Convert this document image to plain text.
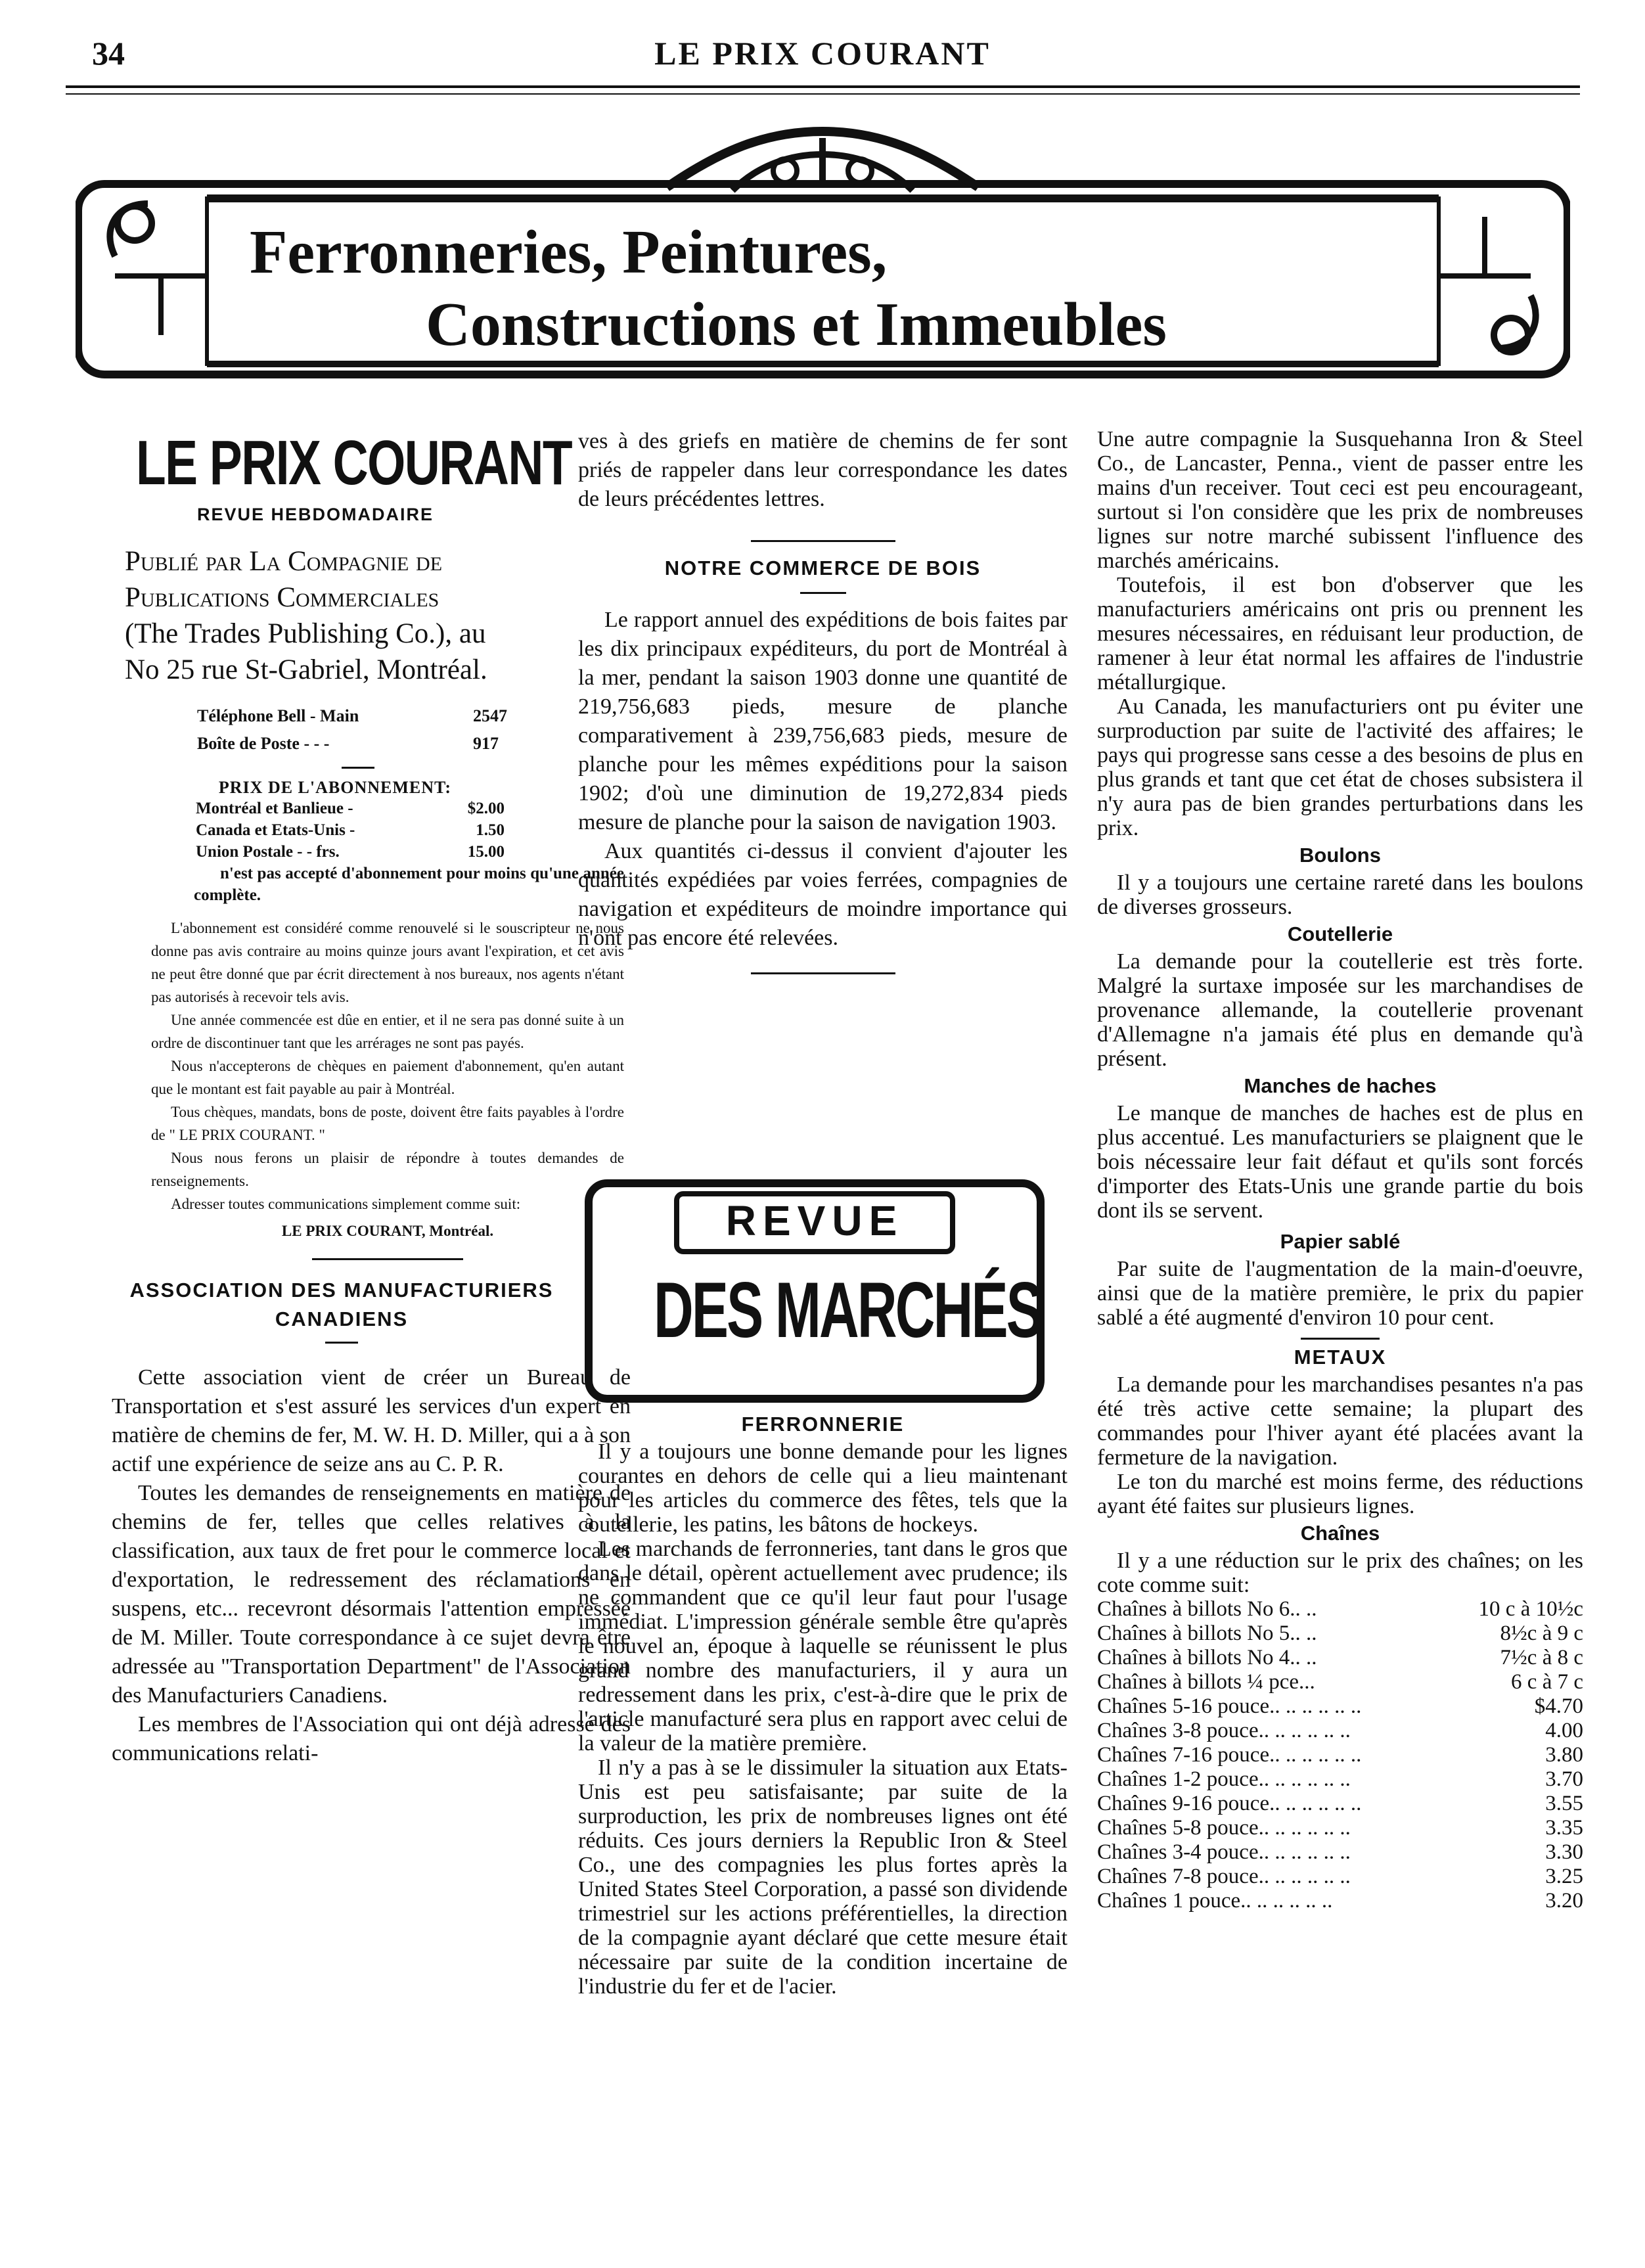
34	LE PRIX COURANT
Ferronneries, Peintures,
Constructions et Immeubles
LE PRIX COURANT
REVUE HEBDOMADAIRE
Publié par La Compagnie de
Publications Commerciales
(The Trades Publishing Co.), au
No 25 rue St-Gabriel, Montréal.
Téléphone Bell - Main	2547
Boîte de Poste - - -	917
PRIX DE L'ABONNEMENT:
Montréal et Banlieue -	$2.00
Canada et Etats-Unis -	1.50
Union Postale - - frs.	15.00
n'est pas accepté d'abonnement pour moins qu'une année complète.

L'abonnement est considéré comme renouvelé si le souscripteur ne nous donne pas avis contraire au moins quinze jours avant l'expiration, et cet avis ne peut être donné que par écrit directement à nos bureaux, nos agents n'étant pas autorisés à recevoir tels avis.

Une année commencée est dûe en entier, et il ne sera pas donné suite à un ordre de discontinuer tant que les arrérages ne sont pas payés.

Nous n'accepterons de chèques en paiement d'abonnement, qu'en autant que le montant est fait payable au pair à Montréal.

Tous chèques, mandats, bons de poste, doivent être faits payables à l'ordre de " LE PRIX COURANT. "

Nous nous ferons un plaisir de répondre à toutes demandes de renseignements.

Adresser toutes communications simplement comme suit:

LE PRIX COURANT, Montréal.

ASSOCIATION DES MANUFACTURIERS CANADIENS

Cette association vient de créer un Bureau de Transportation et s'est assuré les services d'un expert en matière de chemins de fer, M. W. H. D. Miller, qui a à son actif une expérience de seize ans au C. P. R.

Toutes les demandes de renseignements en matière de chemins de fer, telles que celles relatives à la classification, aux taux de fret pour le commerce local et d'exportation, le redressement des réclamations en suspens, etc... recevront désormais l'attention empressée de M. Miller. Toute correspondance à ce sujet devra être adressée au "Transportation Department" de l'Association des Manufacturiers Canadiens.

Les membres de l'Association qui ont déjà adressé des communications relati-

ves à des griefs en matière de chemins de fer sont priés de rappeler dans leur correspondance les dates de leurs précédentes lettres.
NOTRE COMMERCE DE BOIS

Le rapport annuel des expéditions de bois faites par les dix principaux expéditeurs, du port de Montréal à la mer, pendant la saison 1903 donne une quantité de 219,756,683 pieds, mesure de planche comparativement à 239,756,683 pieds, mesure de planche pour les mêmes expéditions pour la saison 1902; d'où une diminution de 19,272,834 pieds mesure de planche pour la saison de navigation 1903.

Aux quantités ci-dessus il convient d'ajouter les quantités expédiées par voies ferrées, compagnies de navigation et expéditeurs de moindre importance qui n'ont pas encore été relevées.

REVUE
DES MARCHÉS
FERRONNERIE

Il y a toujours une bonne demande pour les lignes courantes en dehors de celle qui a lieu maintenant pour les articles du commerce des fêtes, tels que la coutellerie, les patins, les bâtons de hockeys.

Les marchands de ferronneries, tant dans le gros que dans le détail, opèrent actuellement avec prudence; ils ne commandent que ce qu'il leur faut pour l'usage immédiat. L'impression générale semble être qu'après le nouvel an, époque à laquelle se réunissent le plus grand nombre des manufacturiers, il y aura un redressement dans les prix, c'est-à-dire que le prix de l'article manufacturé sera plus en rapport avec celui de la valeur de la matière première.

Il n'y a pas à se le dissimuler la situation aux Etats-Unis est peu satisfaisante; par suite de la surproduction, les prix de nombreuses lignes ont été réduits. Ces jours derniers la Republic Iron & Steel Co., une des compagnies les plus fortes après la United States Steel Corporation, a passé son dividende trimestriel sur les actions préférentielles, la direction de la compagnie ayant déclaré que cette mesure était nécessaire par suite de la condition incertaine de l'industrie du fer et de l'acier.

Une autre compagnie la Susquehanna Iron & Steel Co., de Lancaster, Penna., vient de passer entre les mains d'un receiver. Tout ceci est peu encourageant, surtout si l'on considère que les prix de nombreuses lignes sur notre marché subissent l'influence des marchés américains.

Toutefois, il est bon d'observer que les manufacturiers américains ont pris ou prennent les mesures nécessaires, en réduisant leur production, de ramener à leur état normal les affaires de l'industrie métallurgique.

Au Canada, les manufacturiers ont pu éviter une surproduction par suite de l'activité des affaires; le pays qui progresse sans cesse a des besoins de plus en plus grands et tant que cet état de choses subsistera il n'y aura pas de bien grandes perturbations dans les prix.

Boulons

Il y a toujours une certaine rareté dans les boulons de diverses grosseurs.

Coutellerie

La demande pour la coutellerie est très forte. Malgré la surtaxe imposée sur les marchandises de provenance allemande, la coutellerie provenant d'Allemagne n'a jamais été plus en demande qu'à présent.

Manches de haches

Le manque de manches de haches est de plus en plus accentué. Les manufacturiers se plaignent que le bois nécessaire leur fait défaut et qu'ils sont forcés d'importer des Etats-Unis une grande partie du bois dont ils se servent.

Papier sablé

Par suite de l'augmentation de la main-d'oeuvre, ainsi que de la matière première, le prix du papier sablé a été augmenté d'environ 10 pour cent.

METAUX

La demande pour les marchandises pesantes n'a pas été très active cette semaine; la plupart des commandes pour l'hiver ayant été placées avant la fermeture de la navigation.

Le ton du marché est moins ferme, des réductions ayant été faites sur plusieurs lignes.

Chaînes

Il y a une réduction sur le prix des chaînes; on les cote comme suit:

Chaînes à billots No 6.. ..	10 c à 10½c
Chaînes à billots No 5.. ..	8½c à 9 c
Chaînes à billots No 4.. ..	7½c à 8 c
Chaînes à billots ¼ pce...	6 c à 7 c
Chaînes 5-16 pouce.. .. .. .. .. ..	$4.70
Chaînes 3-8 pouce.. .. .. .. .. ..	4.00
Chaînes 7-16 pouce.. .. .. .. .. ..	3.80
Chaînes 1-2 pouce.. .. .. .. .. ..	3.70
Chaînes 9-16 pouce.. .. .. .. .. ..	3.55
Chaînes 5-8 pouce.. .. .. .. .. ..	3.35
Chaînes 3-4 pouce.. .. .. .. .. ..	3.30
Chaînes 7-8 pouce.. .. .. .. .. ..	3.25
Chaînes 1 pouce.. .. .. .. .. ..	3.20
